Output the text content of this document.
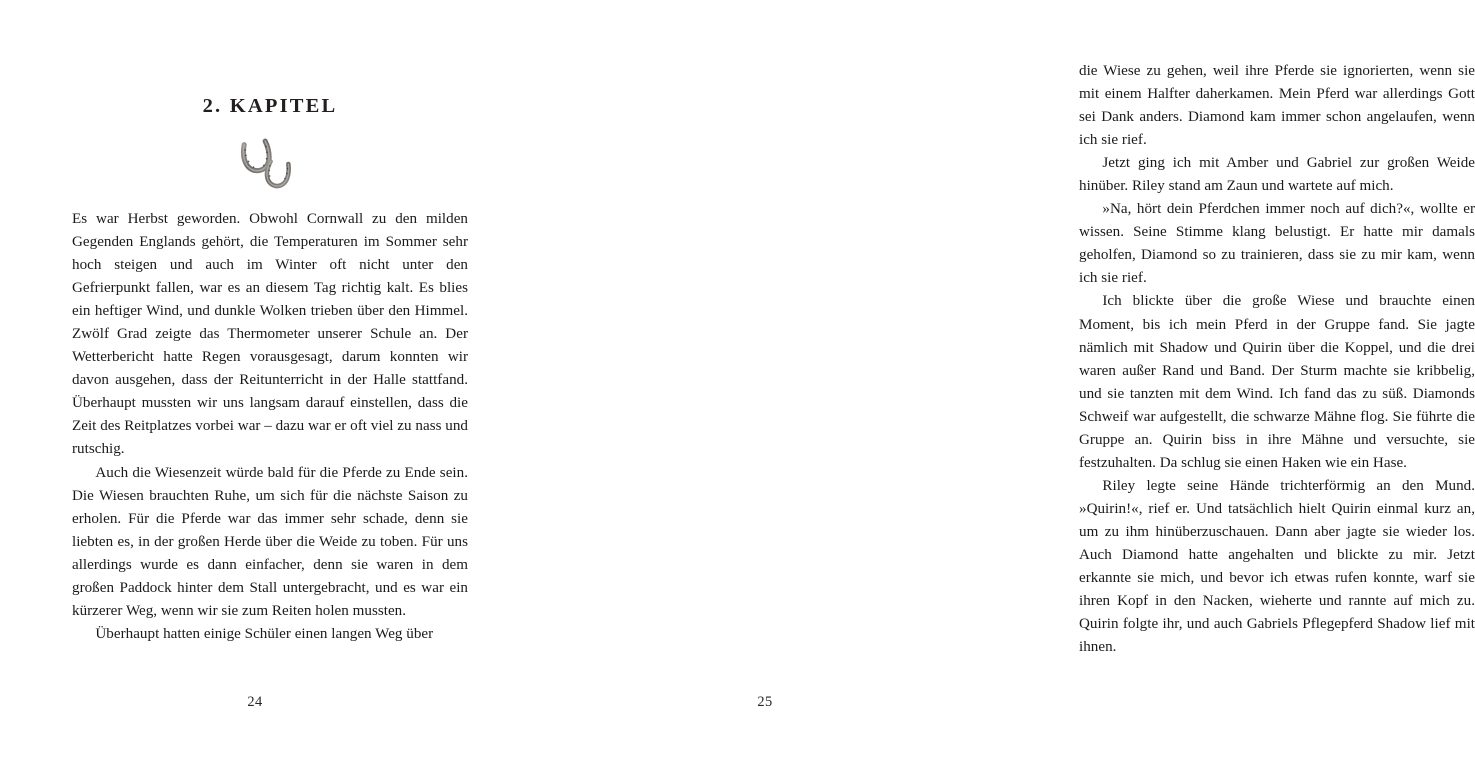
2. KAPITEL

Es war Herbst geworden. Obwohl Cornwall zu den milden Gegenden Englands gehört, die Temperaturen im Sommer sehr hoch steigen und auch im Winter oft nicht unter den Gefrierpunkt fallen, war es an diesem Tag richtig kalt. Es blies ein heftiger Wind, und dunkle Wolken trieben über den Himmel. Zwölf Grad zeigte das Thermometer unserer Schule an. Der Wetterbericht hatte Regen vorausgesagt, darum konnten wir davon ausgehen, dass der Reitunterricht in der Halle stattfand. Überhaupt mussten wir uns langsam darauf einstellen, dass die Zeit des Reitplatzes vorbei war – dazu war er oft viel zu nass und rutschig.

Auch die Wiesenzeit würde bald für die Pferde zu Ende sein. Die Wiesen brauchten Ruhe, um sich für die nächste Saison zu erholen. Für die Pferde war das immer sehr schade, denn sie liebten es, in der großen Herde über die Weide zu toben. Für uns allerdings wurde es dann einfacher, denn sie waren in dem großen Paddock hinter dem Stall untergebracht, und es war ein kürzerer Weg, wenn wir sie zum Reiten holen mussten.

Überhaupt hatten einige Schüler einen langen Weg über

24

die Wiese zu gehen, weil ihre Pferde sie ignorierten, wenn sie mit einem Halfter daherkamen. Mein Pferd war allerdings Gott sei Dank anders. Diamond kam immer schon angelaufen, wenn ich sie rief.

Jetzt ging ich mit Amber und Gabriel zur großen Weide hinüber. Riley stand am Zaun und wartete auf mich.

»Na, hört dein Pferdchen immer noch auf dich?«, wollte er wissen. Seine Stimme klang belustigt. Er hatte mir damals geholfen, Diamond so zu trainieren, dass sie zu mir kam, wenn ich sie rief.

Ich blickte über die große Wiese und brauchte einen Moment, bis ich mein Pferd in der Gruppe fand. Sie jagte nämlich mit Shadow und Quirin über die Koppel, und die drei waren außer Rand und Band. Der Sturm machte sie kribbelig, und sie tanzten mit dem Wind. Ich fand das zu süß. Diamonds Schweif war aufgestellt, die schwarze Mähne flog. Sie führte die Gruppe an. Quirin biss in ihre Mähne und versuchte, sie festzuhalten. Da schlug sie einen Haken wie ein Hase.

Riley legte seine Hände trichterförmig an den Mund. »Quirin!«, rief er. Und tatsächlich hielt Quirin einmal kurz an, um zu ihm hinüberzuschauen. Dann aber jagte sie wieder los. Auch Diamond hatte angehalten und blickte zu mir. Jetzt erkannte sie mich, und bevor ich etwas rufen konnte, warf sie ihren Kopf in den Nacken, wieherte und rannte auf mich zu. Quirin folgte ihr, und auch Gabriels Pflegepferd Shadow lief mit ihnen.

25
